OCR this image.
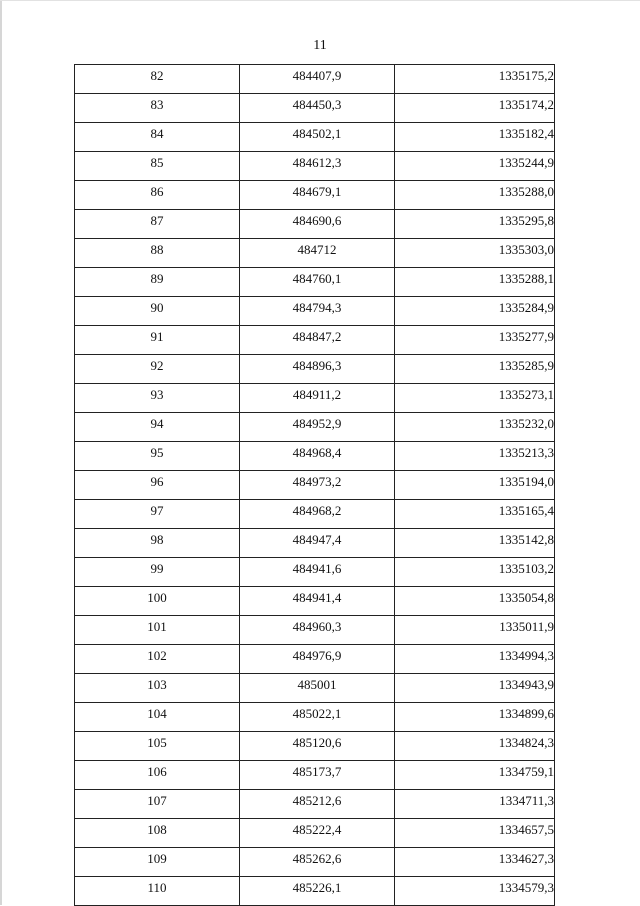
11
82	484407,9	1335175,2
83	484450,3	1335174,2
84	484502,1	1335182,4
85	484612,3	1335244,9
86	484679,1	1335288,0
87	484690,6	1335295,8
88	484712	1335303,0
89	484760,1	1335288,1
90	484794,3	1335284,9
91	484847,2	1335277,9
92	484896,3	1335285,9
93	484911,2	1335273,1
94	484952,9	1335232,0
95	484968,4	1335213,3
96	484973,2	1335194,0
97	484968,2	1335165,4
98	484947,4	1335142,8
99	484941,6	1335103,2
100	484941,4	1335054,8
101	484960,3	1335011,9
102	484976,9	1334994,3
103	485001	1334943,9
104	485022,1	1334899,6
105	485120,6	1334824,3
106	485173,7	1334759,1
107	485212,6	1334711,3
108	485222,4	1334657,5
109	485262,6	1334627,3
110	485226,1	1334579,3
